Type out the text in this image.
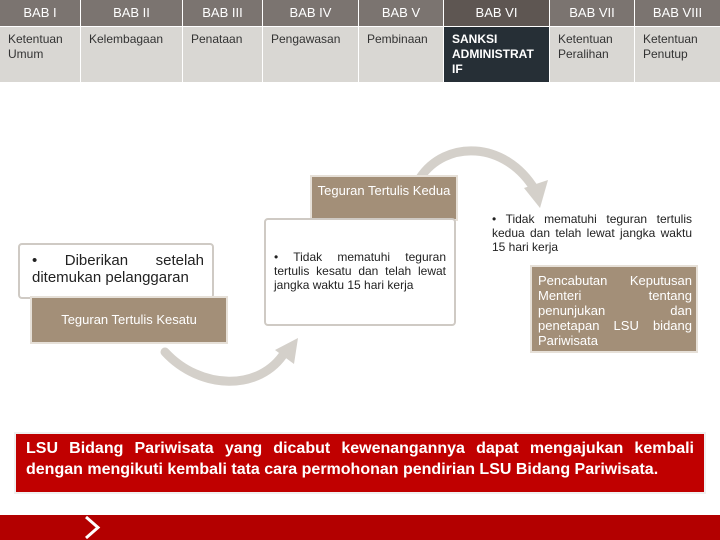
BAB I
Ketentuan Umum
BAB II
Kelembagaan
BAB III
Penataan
BAB IV
Pengawasan
BAB V
Pembinaan
BAB VI
SANKSI ADMINISTRAT IF
BAB VII
Ketentuan Peralihan
BAB VIII
Ketentuan Penutup
• Diberikan setelah ditemukan pelanggaran
Teguran Tertulis Kesatu
Teguran Tertulis Kedua
• Tidak mematuhi teguran tertulis kesatu dan telah lewat jangka waktu 15 hari kerja
• Tidak mematuhi teguran tertulis kedua dan telah lewat jangka waktu 15 hari kerja
Pencabutan Keputusan Menteri tentang penunjukan dan penetapan LSU bidang Pariwisata
LSU Bidang Pariwisata yang dicabut kewenangannya dapat mengajukan kembali dengan mengikuti kembali tata cara permohonan pendirian LSU Bidang Pariwisata.
